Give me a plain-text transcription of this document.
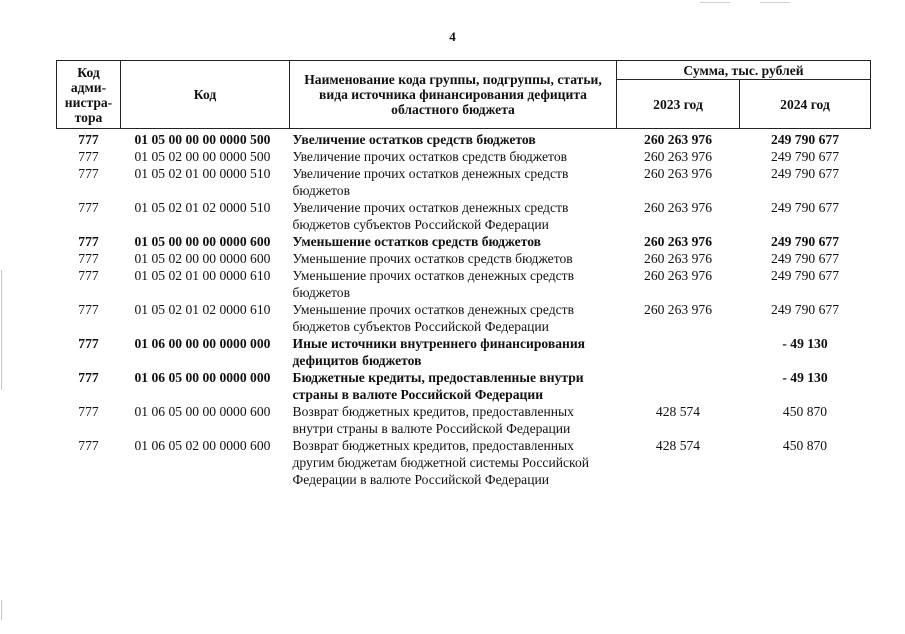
4
Код адми-нистра-тора	Код	Наименование кода группы, подгруппы, статьи, вида источника финансирования дефицита областного бюджета	Сумма, тыс. рублей	
			2023 год	2024 год
777	01 05 00 00 00 0000 500	Увеличение остатков средств бюджетов	260 263 976	249 790 677
777	01 05 02 00 00 0000 500	Увеличение прочих остатков средств бюджетов	260 263 976	249 790 677
777	01 05 02 01 00 0000 510	Увеличение прочих остатков денежных средств бюджетов	260 263 976	249 790 677
777	01 05 02 01 02 0000 510	Увеличение прочих остатков денежных средств бюджетов субъектов Российской Федерации	260 263 976	249 790 677
777	01 05 00 00 00 0000 600	Уменьшение остатков средств бюджетов	260 263 976	249 790 677
777	01 05 02 00 00 0000 600	Уменьшение прочих остатков средств бюджетов	260 263 976	249 790 677
777	01 05 02 01 00 0000 610	Уменьшение прочих остатков денежных средств бюджетов	260 263 976	249 790 677
777	01 05 02 01 02 0000 610	Уменьшение прочих остатков денежных средств бюджетов субъектов Российской Федерации	260 263 976	249 790 677
777	01 06 00 00 00 0000 000	Иные источники внутреннего финансирования дефицитов бюджетов		- 49 130
777	01 06 05 00 00 0000 000	Бюджетные кредиты, предоставленные внутри страны в валюте Российской Федерации		- 49 130
777	01 06 05 00 00 0000 600	Возврат бюджетных кредитов, предоставленных внутри страны в валюте Российской Федерации	428 574	450 870
777	01 06 05 02 00 0000 600	Возврат бюджетных кредитов, предоставленных другим бюджетам бюджетной системы Российской Федерации в валюте Российской Федерации	428 574	450 870
